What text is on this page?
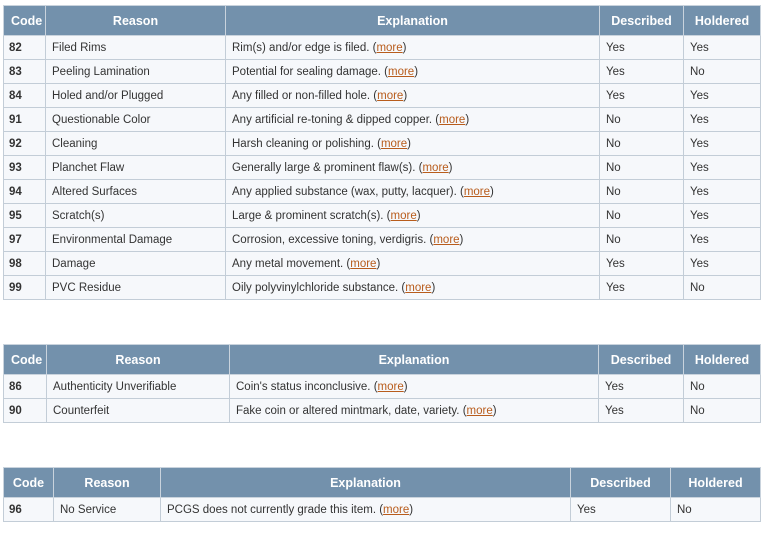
Code	Reason	Explanation	Described	Holdered
82	Filed Rims	Rim(s) and/or edge is filed. (more)	Yes	Yes
83	Peeling Lamination	Potential for sealing damage. (more)	Yes	No
84	Holed and/or Plugged	Any filled or non-filled hole. (more)	Yes	Yes
91	Questionable Color	Any artificial re-toning & dipped copper. (more)	No	Yes
92	Cleaning	Harsh cleaning or polishing. (more)	No	Yes
93	Planchet Flaw	Generally large & prominent flaw(s). (more)	No	Yes
94	Altered Surfaces	Any applied substance (wax, putty, lacquer). (more)	No	Yes
95	Scratch(s)	Large & prominent scratch(s). (more)	No	Yes
97	Environmental Damage	Corrosion, excessive toning, verdigris. (more)	No	Yes
98	Damage	Any metal movement. (more)	Yes	Yes
99	PVC Residue	Oily polyvinylchloride substance. (more)	Yes	No
Code	Reason	Explanation	Described	Holdered
86	Authenticity Unverifiable	Coin's status inconclusive. (more)	Yes	No
90	Counterfeit	Fake coin or altered mintmark, date, variety. (more)	Yes	No
Code	Reason	Explanation	Described	Holdered
96	No Service	PCGS does not currently grade this item. (more)	Yes	No
